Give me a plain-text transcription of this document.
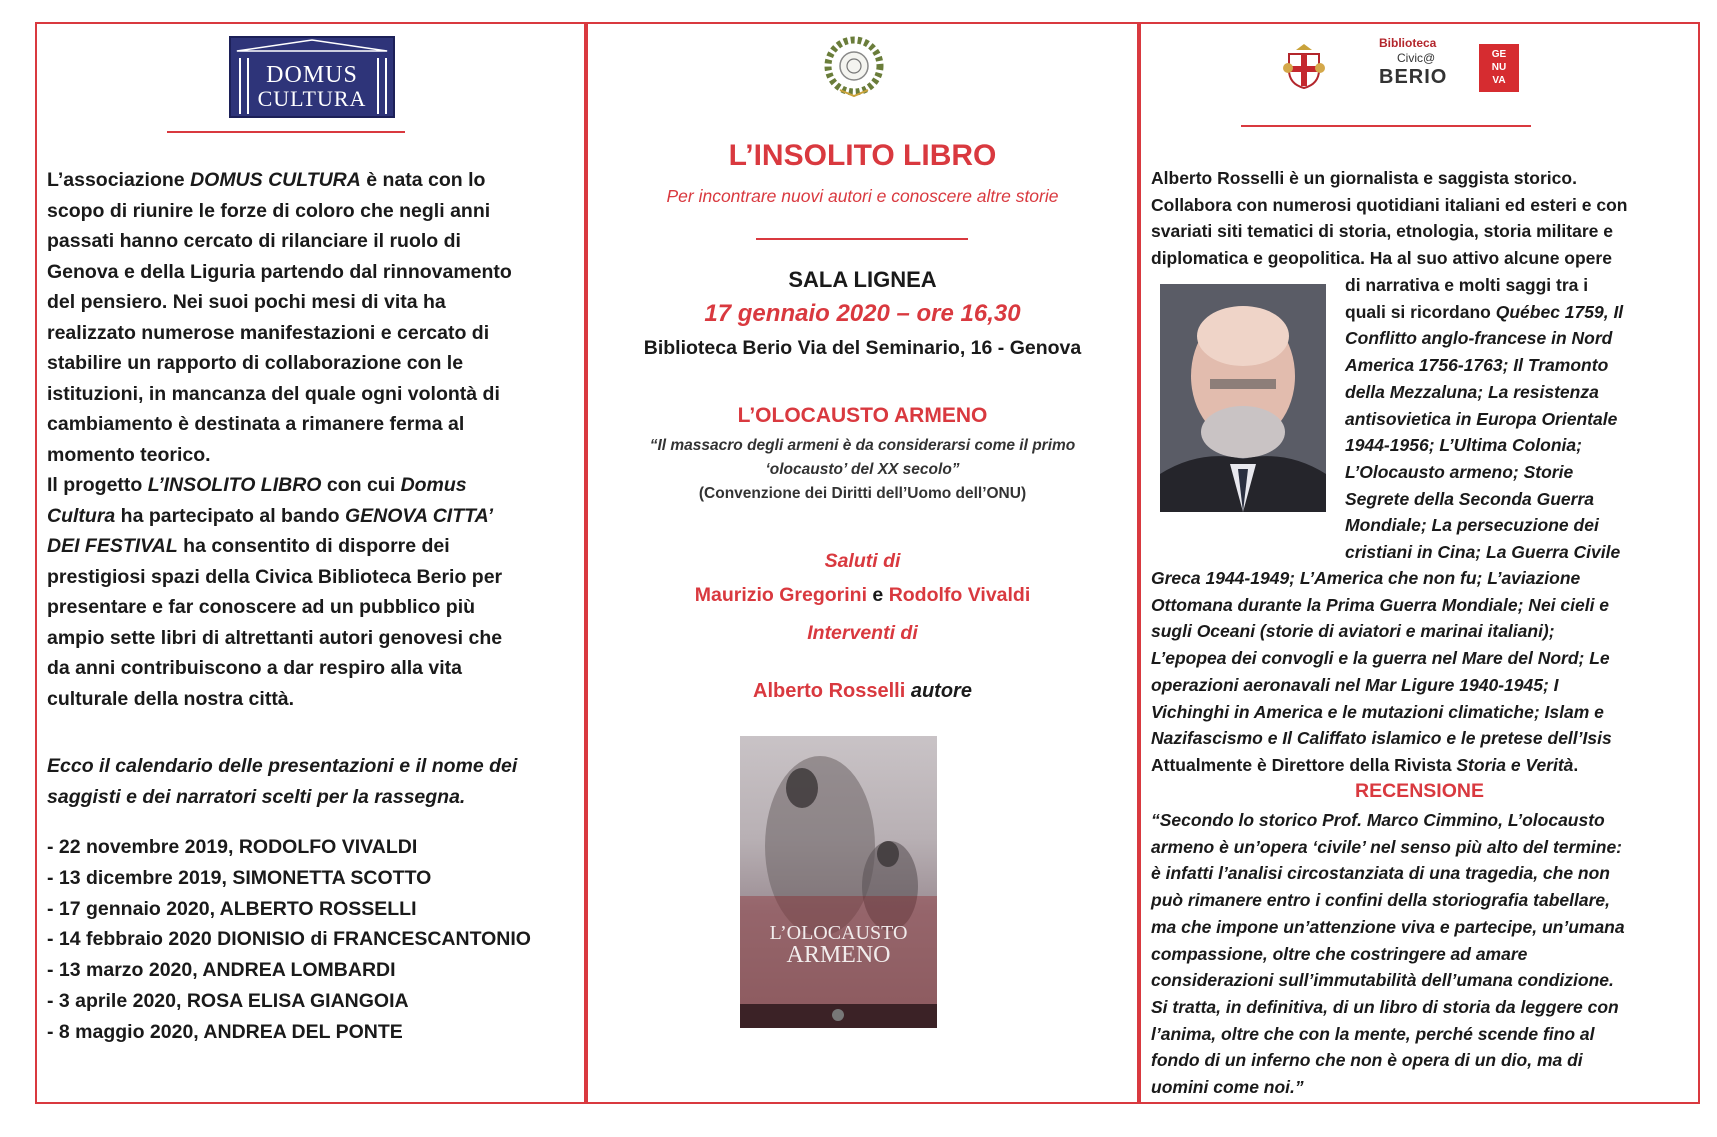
DOMUS
CULTURA

L’associazione DOMUS CULTURA è nata con lo

scopo di riunire le forze di coloro che negli anni

passati hanno cercato di rilanciare il ruolo di

Genova e della Liguria partendo dal rinnovamento

del pensiero. Nei suoi pochi mesi di vita ha

realizzato numerose manifestazioni e cercato di

stabilire un rapporto di collaborazione con le

istituzioni, in mancanza del quale ogni volontà di

cambiamento è destinata a rimanere ferma al

momento teorico.

Il progetto L’INSOLITO LIBRO con cui Domus

Cultura ha partecipato al bando GENOVA CITTA’

DEI FESTIVAL ha consentito di disporre dei

prestigiosi spazi della Civica Biblioteca Berio per

presentare e far conoscere ad un pubblico più

ampio sette libri di altrettanti autori genovesi che

da anni contribuiscono a dar respiro alla vita

culturale della nostra città.

Ecco il calendario delle presentazioni e il nome dei

saggisti e dei narratori scelti per la rassegna.

- 22 novembre 2019, RODOLFO VIVALDI
- 13 dicembre 2019, SIMONETTA SCOTTO
- 17 gennaio 2020, ALBERTO ROSSELLI
- 14 febbraio 2020 DIONISIO di FRANCESCANTONIO
- 13 marzo 2020, ANDREA LOMBARDI
- 3 aprile 2020, ROSA ELISA GIANGOIA
- 8 maggio 2020, ANDREA DEL PONTE
L’INSOLITO LIBRO
Per incontrare nuovi autori e conoscere altre storie
SALA LIGNEA
17 gennaio 2020 – ore 16,30
Biblioteca Berio Via del Seminario, 16 - Genova
L’OLOCAUSTO ARMENO
“Il massacro degli armeni è da considerarsi come il primo
‘olocausto’ del XX secolo”
(Convenzione dei Diritti dell’Uomo dell’ONU)
Saluti di
Maurizio Gregorini e Rodolfo Vivaldi
Interventi di
Alberto Rosselli autore
L’OLOCAUSTO
ARMENO
Biblioteca
Civic@
BERIO
GE
NU
VA

Alberto Rosselli è un giornalista e saggista storico.

Collabora con numerosi quotidiani italiani ed esteri e con

svariati siti tematici di storia, etnologia, storia militare e

diplomatica e geopolitica. Ha al suo attivo alcune opere

di narrativa e molti saggi tra i

quali si ricordano Québec 1759, Il

Conflitto anglo-francese in Nord

America 1756-1763; Il Tramonto

della Mezzaluna; La resistenza

antisovietica in Europa Orientale

1944-1956; L’Ultima Colonia;

L’Olocausto armeno; Storie

Segrete della Seconda Guerra

Mondiale; La persecuzione dei

cristiani in Cina; La Guerra Civile

Greca 1944-1949; L’America che non fu; L’aviazione

Ottomana durante la Prima Guerra Mondiale; Nei cieli e

sugli Oceani (storie di aviatori e marinai italiani);

L’epopea dei convogli e la guerra nel Mare del Nord; Le

operazioni aeronavali nel Mar Ligure 1940-1945; I

Vichinghi in America e le mutazioni climatiche; Islam e

Nazifascismo e Il Califfato islamico e le pretese dell’Isis

Attualmente è Direttore della Rivista Storia e Verità.

RECENSIONE

“Secondo lo storico Prof. Marco Cimmino, L’olocausto

armeno è un’opera ‘civile’ nel senso più alto del termine:

è infatti l’analisi circostanziata di una tragedia, che non

può rimanere entro i confini della storiografia tabellare,

ma che impone un’attenzione viva e partecipe, un’umana

compassione, oltre che costringere ad amare

considerazioni sull’immutabilità dell’umana condizione.

Si tratta, in definitiva, di un libro di storia da leggere con

l’anima, oltre che con la mente, perché scende fino al

fondo di un inferno che non è opera di un dio, ma di

uomini come noi.”
